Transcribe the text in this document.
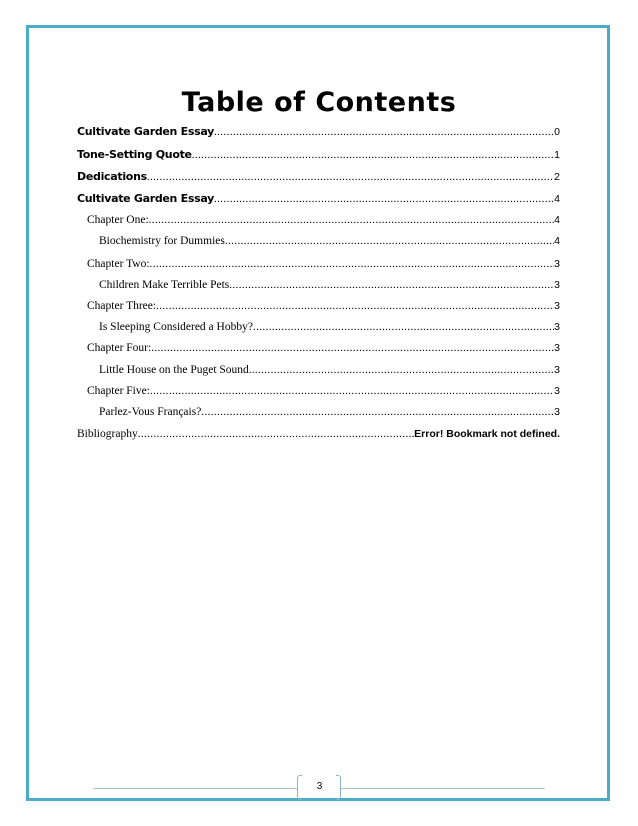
Table of Contents
Cultivate Garden Essay .....	0
Tone-Setting Quote .....	1
Dedications .....	2
Cultivate Garden Essay .....	4
Chapter One: .....	4
Biochemistry for Dummies .....	4
Chapter Two: .....	3
Children Make Terrible Pets .....	3
Chapter Three: .....	3
Is Sleeping Considered a Hobby? .....	3
Chapter Four: .....	3
Little House on the Puget Sound. .....	3
Chapter Five: .....	3
Parlez-Vous Français? .....	3
Bibliography .....	Error! Bookmark not defined.
3
